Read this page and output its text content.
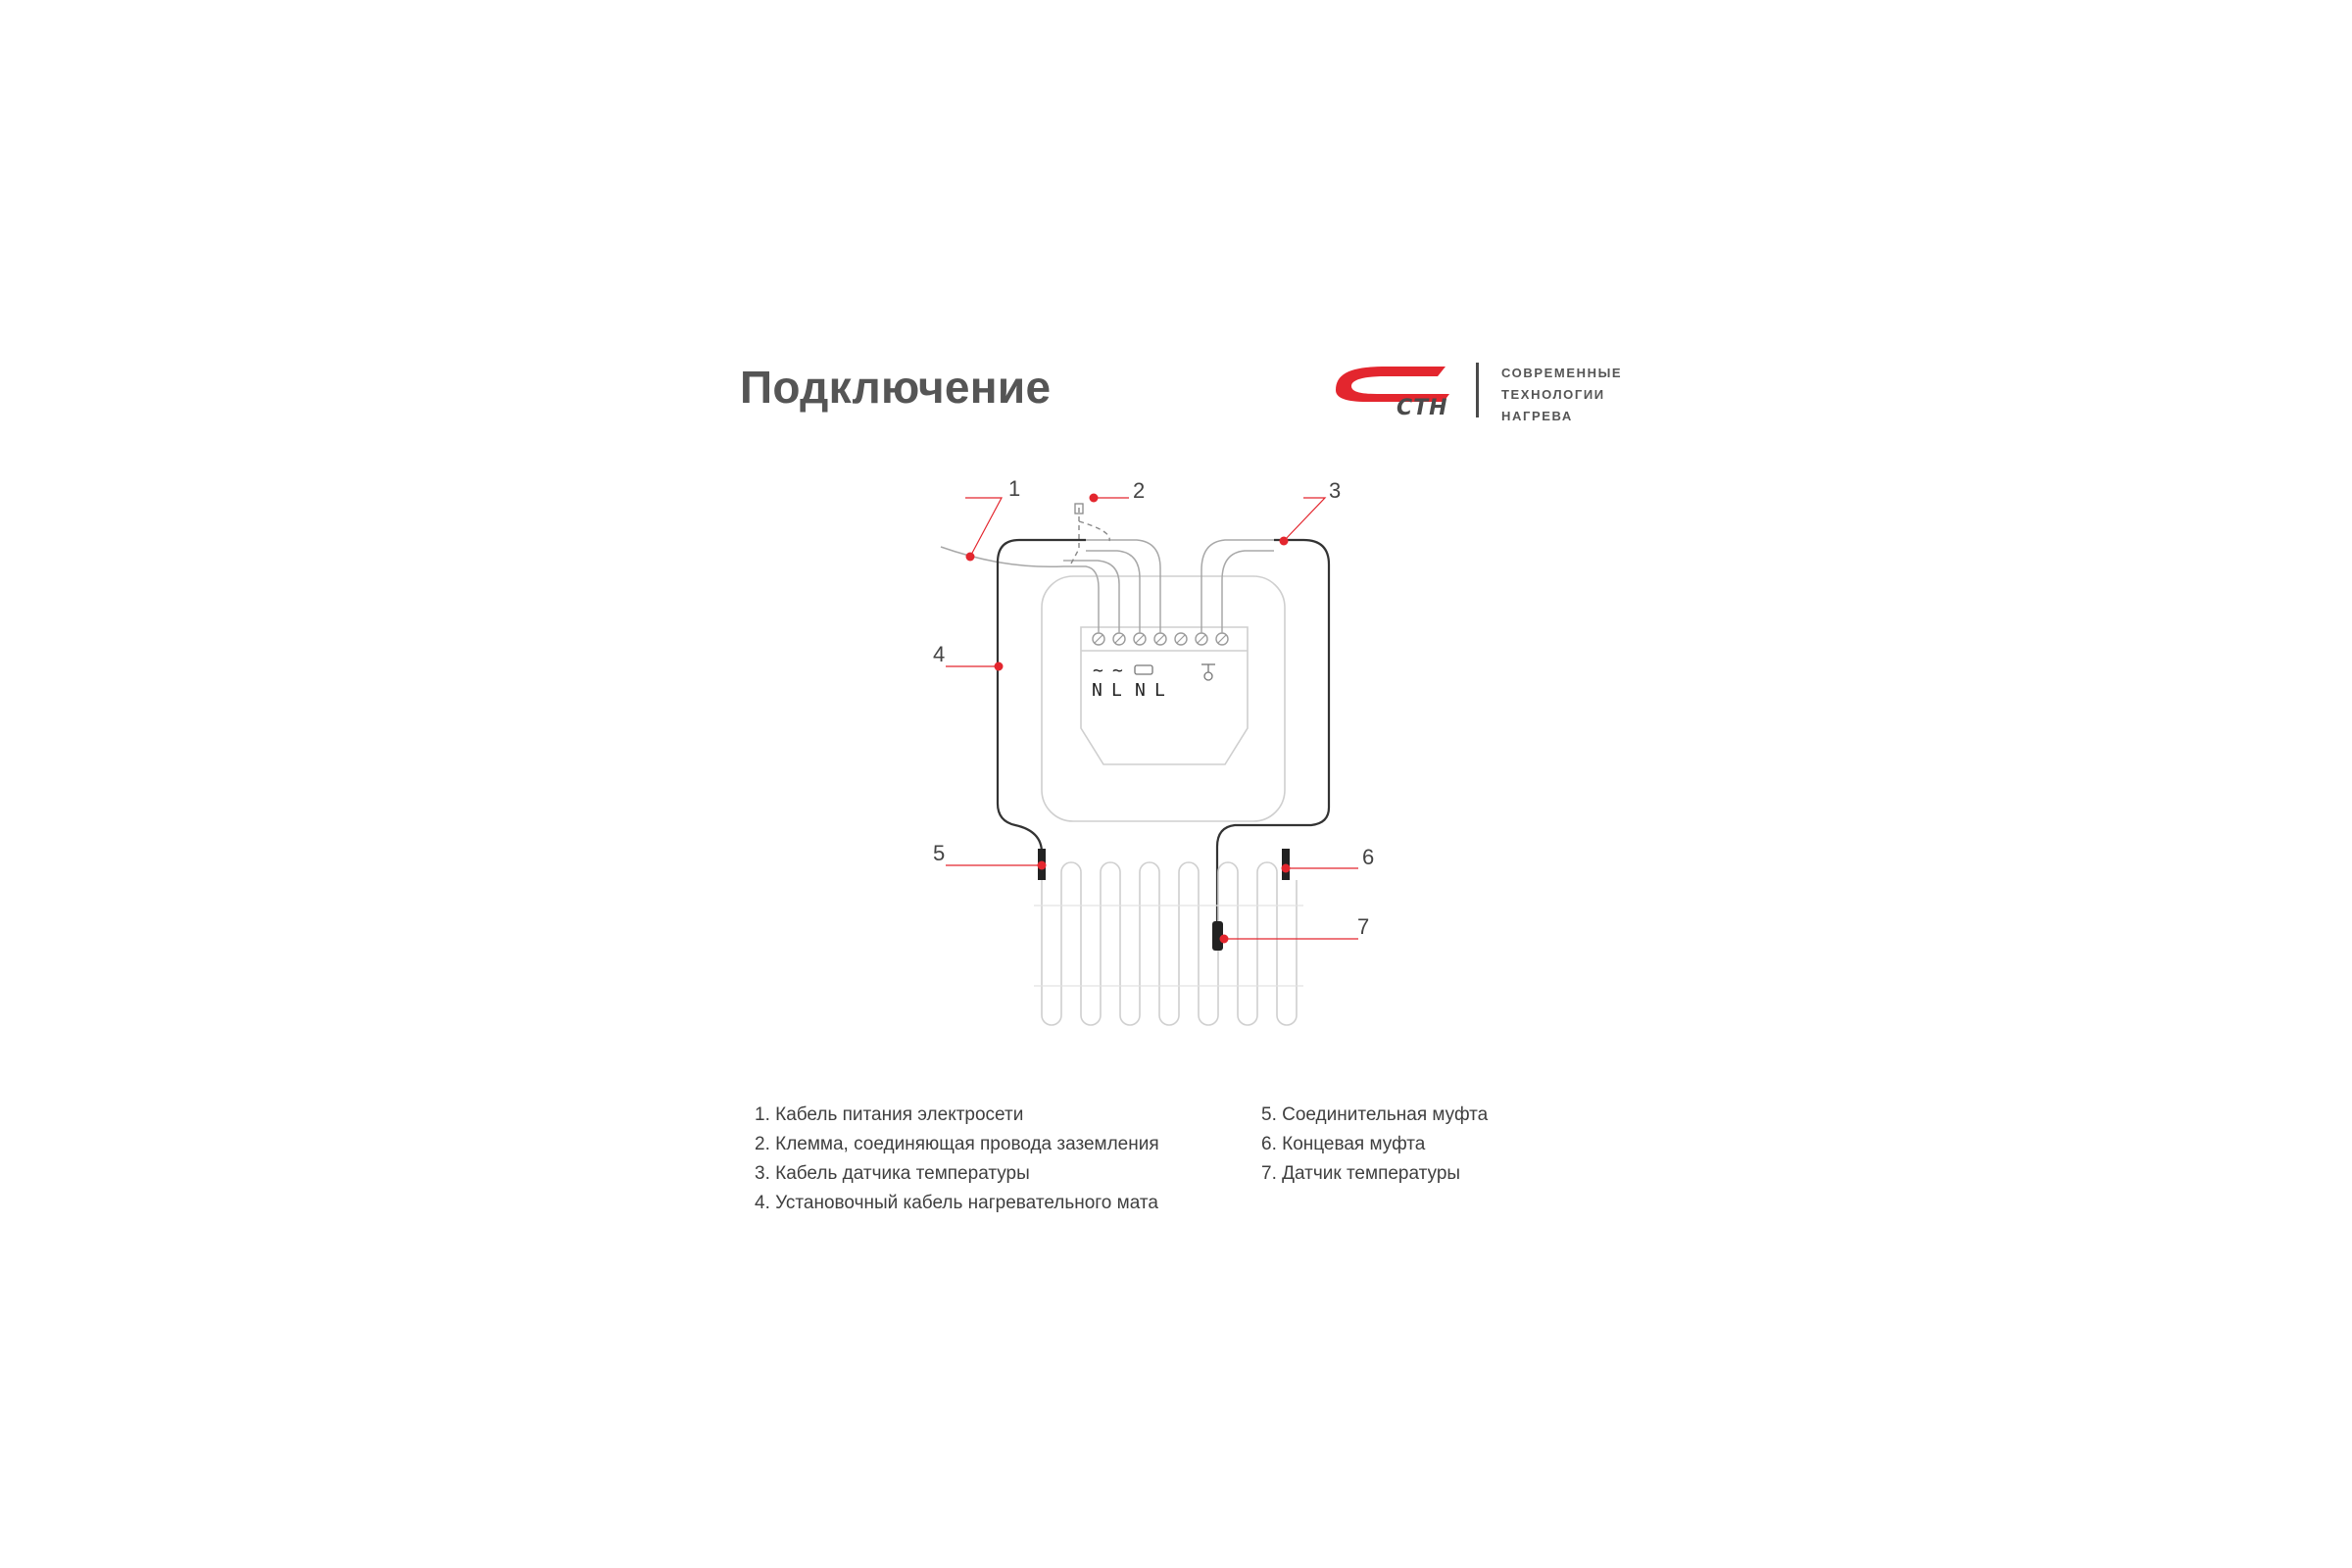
Подключение	СТН
СОВРЕМЕННЫЕ
ТЕХНОЛОГИИ
НАГРЕВА
~ ~
N L N L
1	2	3
4
5	6
7
1. Кабель питания электросети
2. Клемма, соединяющая провода заземления
3. Кабель датчика температуры
4. Установочный кабель нагревательного мата
5. Соединительная муфта
6. Концевая муфта
7. Датчик температуры
